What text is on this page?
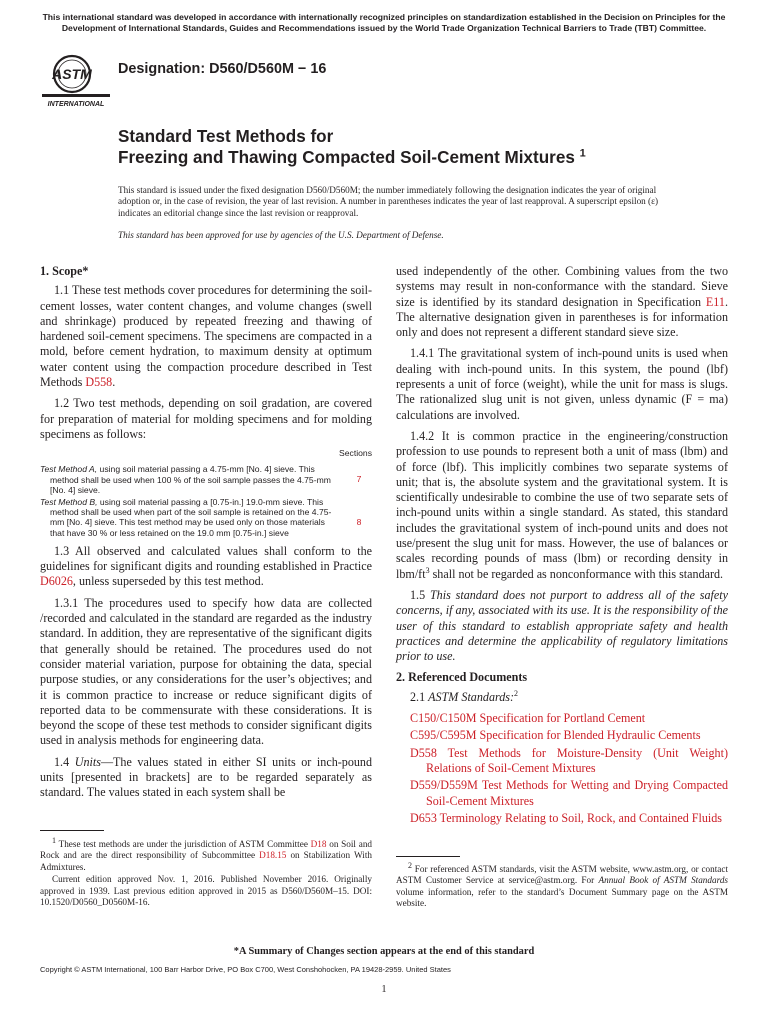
This international standard was developed in accordance with internationally recognized principles on standardization established in the Decision on Principles for the Development of International Standards, Guides and Recommendations issued by the World Trade Organization Technical Barriers to Trade (TBT) Committee.
ASTM
INTERNATIONAL
Designation: D560/D560M − 16
Standard Test Methods for
Freezing and Thawing Compacted Soil-Cement Mixtures $^1$
This standard is issued under the fixed designation D560/D560M; the number immediately following the designation indicates the year of original adoption or, in the case of revision, the year of last revision. A number in parentheses indicates the year of last reapproval. A superscript epsilon (ε) indicates an editorial change since the last revision or reapproval.
This standard has been approved for use by agencies of the U.S. Department of Defense.
1. Scope*

1.1 These test methods cover procedures for determining the soil-cement losses, water content changes, and volume changes (swell and shrinkage) produced by repeated freezing and thawing of hardened soil-cement specimens. The specimens are compacted in a mold, before cement hydration, to maximum density at optimum water content using the compaction procedure described in Test Methods D558.

1.2 Two test methods, depending on soil gradation, are covered for preparation of material for molding specimens and for molding specimens as follows:

Sections
Test Method A, using soil material passing a 4.75-mm [No. 4] sieve. This method shall be used when 100 % of the soil sample passes the 4.75-mm [No. 4] sieve.
7
Test Method B, using soil material passing a [0.75-in.] 19.0-mm sieve. This method shall be used when part of the soil sample is retained on the 4.75-mm [No. 4] sieve. This test method may be used only on those materials that have 30 % or less retained on the 19.0 mm [0.75-in.] sieve
8

1.3 All observed and calculated values shall conform to the guidelines for significant digits and rounding established in Practice D6026, unless superseded by this test method.

1.3.1 The procedures used to specify how data are collected /recorded and calculated in the standard are regarded as the industry standard. In addition, they are representative of the significant digits that generally should be retained. The procedures used do not consider material variation, purpose for obtaining the data, special purpose studies, or any considerations for the user’s objectives; and it is common practice to increase or reduce significant digits of reported data to be commensurate with these considerations. It is beyond the scope of these test methods to consider significant digits used in analysis methods for engineering data.

1.4 Units—The values stated in either SI units or inch-pound units [presented in brackets] are to be regarded separately as standard. The values stated in each system shall be

used independently of the other. Combining values from the two systems may result in non-conformance with the standard. Sieve size is identified by its standard designation in Specification E11. The alternative designation given in parentheses is for information only and does not represent a different standard sieve size.

1.4.1 The gravitational system of inch-pound units is used when dealing with inch-pound units. In this system, the pound (lbf) represents a unit of force (weight), while the unit for mass is slugs. The rationalized slug unit is not given, unless dynamic (F = ma) calculations are involved.

1.4.2 It is common practice in the engineering/construction profession to use pounds to represent both a unit of mass (lbm) and of force (lbf). This implicitly combines two separate systems of unit; that is, the absolute system and the gravitational system. It is scientifically undesirable to combine the use of two separate sets of inch-pound units within a single standard. As stated, this standard includes the gravitational system of inch-pound units and does not use/present the slug unit for mass. However, the use of balances or scales recording pounds of mass (lbm) or recording density in lbm/$ft^3$ shall not be regarded as nonconformance with this standard.

1.5 This standard does not purport to address all of the safety concerns, if any, associated with its use. It is the responsibility of the user of this standard to establish appropriate safety and health practices and determine the applicability of regulatory limitations prior to use.

2. Referenced Documents

2.1 ASTM Standards:$^2$

C150/C150M Specification for Portland Cement
C595/C595M Specification for Blended Hydraulic Cements
D558 Test Methods for Moisture-Density (Unit Weight) Relations of Soil-Cement Mixtures
D559/D559M Test Methods for Wetting and Drying Compacted Soil-Cement Mixtures
D653 Terminology Relating to Soil, Rock, and Contained Fluids

$^1$ These test methods are under the jurisdiction of ASTM Committee D18 on Soil and Rock and are the direct responsibility of Subcommittee D18.15 on Stabilization With Admixtures.

Current edition approved Nov. 1, 2016. Published November 2016. Originally approved in 1939. Last previous edition approved in 2015 as D560/D560M–15. DOI: 10.1520/D0560_D0560M-16.

$^2$ For referenced ASTM standards, visit the ASTM website, www.astm.org, or contact ASTM Customer Service at service@astm.org. For Annual Book of ASTM Standards volume information, refer to the standard’s Document Summary page on the ASTM website.

*A Summary of Changes section appears at the end of this standard
Copyright © ASTM International, 100 Barr Harbor Drive, PO Box C700, West Conshohocken, PA 19428-2959. United States
1
